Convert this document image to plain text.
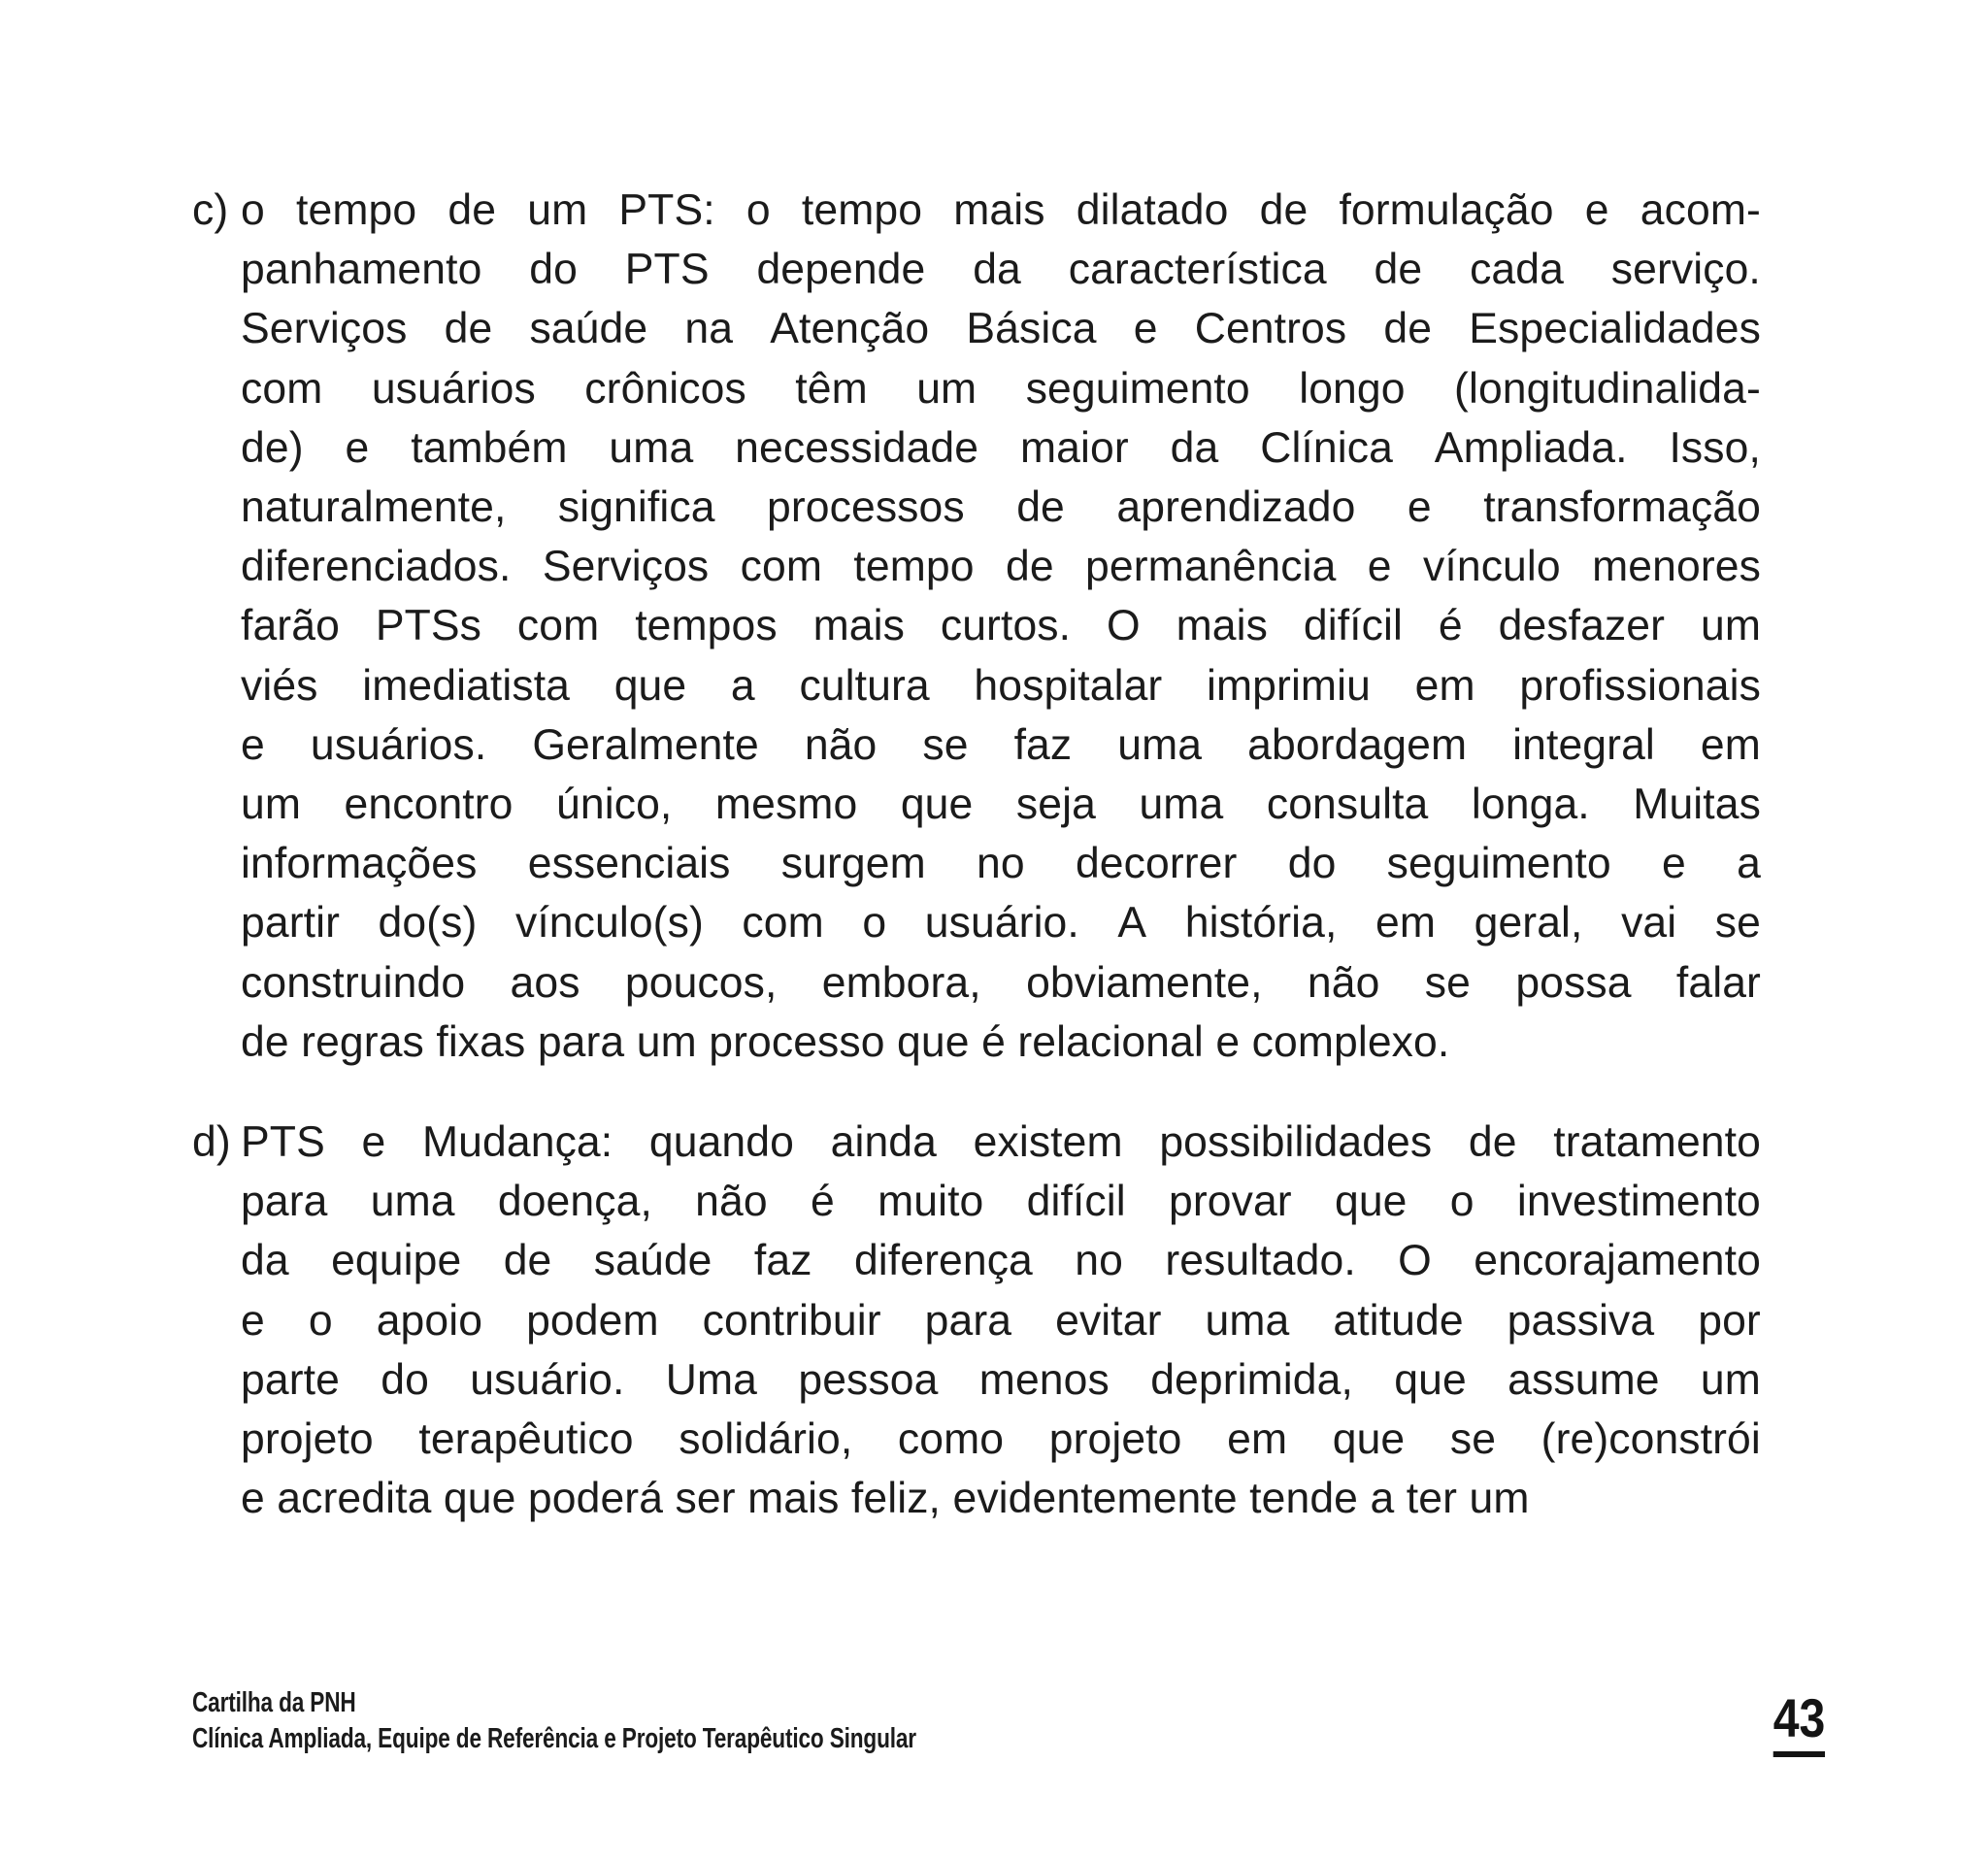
c) o tempo de um PTS: o tempo mais dilatado de formulação e acom-
panhamento do PTS depende da característica de cada serviço.
Serviços de saúde na Atenção Básica e Centros de Especialidades
com usuários crônicos têm um seguimento longo (longitudinalida-
de) e também uma necessidade maior da Clínica Ampliada. Isso,
naturalmente, significa processos de aprendizado e transformação
diferenciados. Serviços com tempo de permanência e vínculo menores
farão PTSs com tempos mais curtos. O mais difícil é desfazer um
viés imediatista que a cultura hospitalar imprimiu em profissionais
e usuários. Geralmente não se faz uma abordagem integral em
um encontro único, mesmo que seja uma consulta longa. Muitas
informações essenciais surgem no decorrer do seguimento e a
partir do(s) vínculo(s) com o usuário. A história, em geral, vai se
construindo aos poucos, embora, obviamente, não se possa falar
de regras fixas para um processo que é relacional e complexo.
d) PTS e Mudança: quando ainda existem possibilidades de tratamento
para uma doença, não é muito difícil provar que o investimento
da equipe de saúde faz diferença no resultado. O encorajamento
e o apoio podem contribuir para evitar uma atitude passiva por
parte do usuário. Uma pessoa menos deprimida, que assume um
projeto terapêutico solidário, como projeto em que se (re)constrói
e acredita que poderá ser mais feliz, evidentemente tende a ter um
Cartilha da PNH
Clínica Ampliada, Equipe de Referência e Projeto Terapêutico Singular	43
